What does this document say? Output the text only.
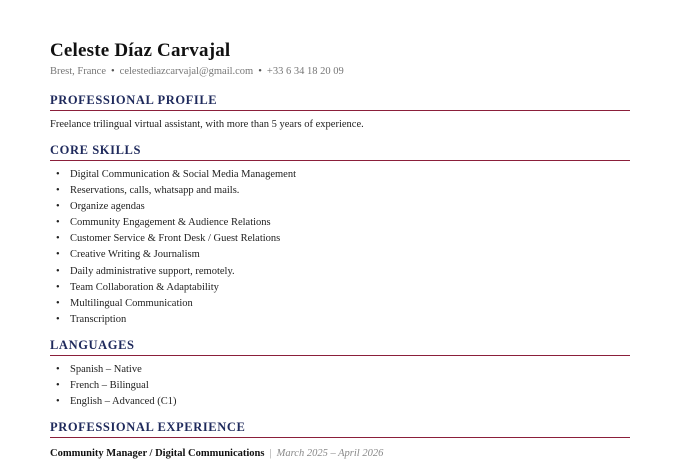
Celeste Díaz Carvajal
Brest, France • celestediazcarvajal@gmail.com • +33 6 34 18 20 09
PROFESSIONAL PROFILE

Freelance trilingual virtual assistant, with more than 5 years of experience.

CORE SKILLS
• Digital Communication & Social Media Management
• Reservations, calls, whatsapp and mails.
• Organize agendas
• Community Engagement & Audience Relations
• Customer Service & Front Desk / Guest Relations
• Creative Writing & Journalism
• Daily administrative support, remotely.
• Team Collaboration & Adaptability
• Multilingual Communication
• Transcription
LANGUAGES
• Spanish – Native
• French – Bilingual
• English – Advanced (C1)
PROFESSIONAL EXPERIENCE
Community Manager / Digital Communications | March 2025 – April 2026
